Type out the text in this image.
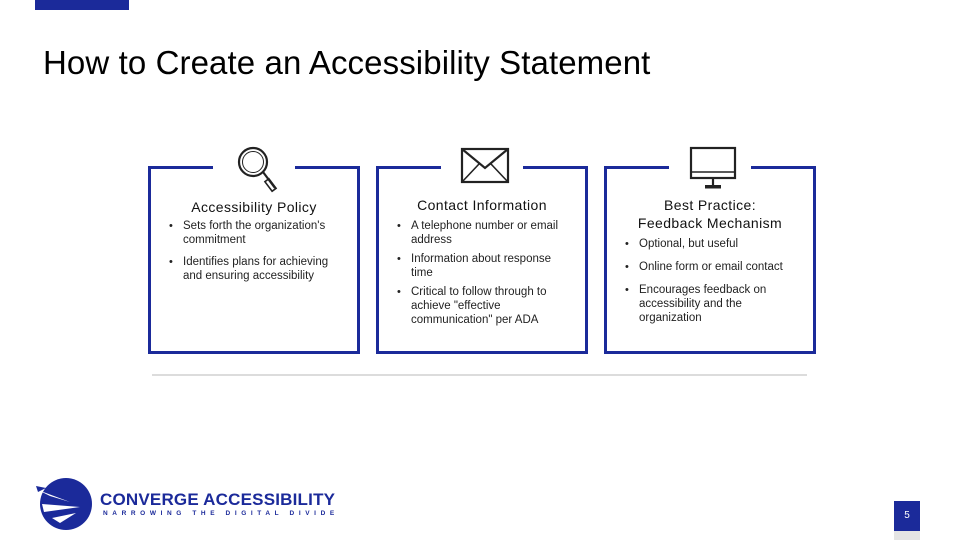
How to Create an Accessibility Statement
Accessibility Policy
• Sets forth the organization's commitment
• Identifies plans for achieving and ensuring accessibility
Contact Information
• A telephone number or email address
• Information about response time
• Critical to follow through to achieve "effective communication" per ADA
Best Practice:
Feedback Mechanism
• Optional, but useful
• Online form or email contact
• Encourages feedback on accessibility and the organization
CONVERGE ACCESSIBILITY
NARROWING THE DIGITAL DIVIDE	5
